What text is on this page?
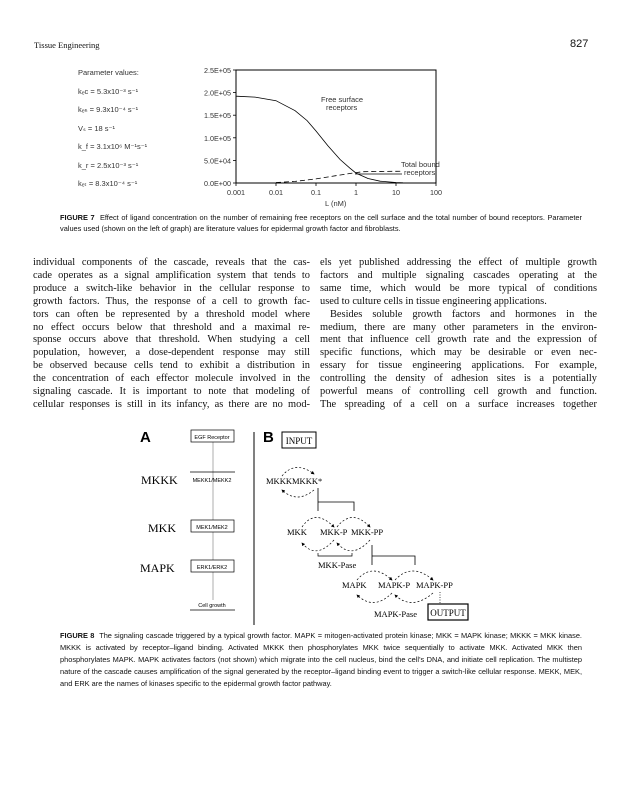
Tissue Engineering	827
Parameter values:
kₑc = 5.3x10⁻³ s⁻¹
kₑₕ = 9.3x10⁻⁴ s⁻¹
Vₛ = 18 s⁻¹
k_f = 3.1x10⁶ M⁻¹s⁻¹
k_r = 2.5x10⁻³ s⁻¹
kₑₜ = 8.3x10⁻⁴ s⁻¹	0.0E+00
5.0E+04
1.0E+05
1.5E+05
2.0E+05
2.5E+05
0.001	0.01	0.1	1	10	100
L (nM)
Free surface
receptors
Total bound
receptors
FIGURE 7 Effect of ligand concentration on the number of remaining free receptors on the cell surface and the total number of bound receptors. Parameter values used (shown on the left of graph) are literature values for epidermal growth factor and fibroblasts.
individual components of the cascade, reveals that the cas-
cade operates as a signal amplification system that tends to
produce a switch-like behavior in the cellular response to
growth factors. Thus, the response of a cell to growth fac-
tors can often be represented by a threshold model where
no effect occurs below that threshold and a maximal re-
sponse occurs above that threshold. When studying a cell
population, however, a dose-dependent response may still
be observed because cells tend to exhibit a distribution in
the concentration of each effector molecule involved in the
signaling cascade. It is important to note that modeling of
cellular responses is still in its infancy, as there are no mod-
els yet published addressing the effect of multiple growth
factors and multiple signaling cascades operating at the
same time, which would be more typical of conditions
used to culture cells in tissue engineering applications.
Besides soluble growth factors and hormones in the
medium, there are many other parameters in the environ-
ment that influence cell growth rate and the expression of
specific functions, which may be desirable or even nec-
essary for tissue engineering applications. For example,
controlling the density of adhesion sites is a potentially
powerful means of controlling cell growth and function.
The spreading of a cell on a surface increases together
A
MKKK
MKK
MAPK
EGF Receptor
MEKK1/MEKK2
MEK1/MEK2
ERK1/ERK2
Cell growth
B INPUT
MKKK MKKK*
MKK MKK-P MKK-PP
MKK-Pase
MAPK MAPK-P MAPK-PP
MAPK-Pase OUTPUT
FIGURE 8 The signaling cascade triggered by a typical growth factor. MAPK = mitogen-activated protein kinase; MKK = MAPK kinase; MKKK = MKK kinase. MKKK is activated by receptor–ligand binding. Activated MKKK then phosphorylates MKK twice sequentially to activate MKK. Activated MKK then phosphorylates MAPK. MAPK activates factors (not shown) which migrate into the cell nucleus, bind the cell's DNA, and initiate cell replication. The multistep nature of the cascade causes amplification of the signal generated by the receptor–ligand binding event to trigger a switch-like cellular response. MEKK, MEK, and ERK are the names of kinases specific to the epidermal growth factor pathway.
